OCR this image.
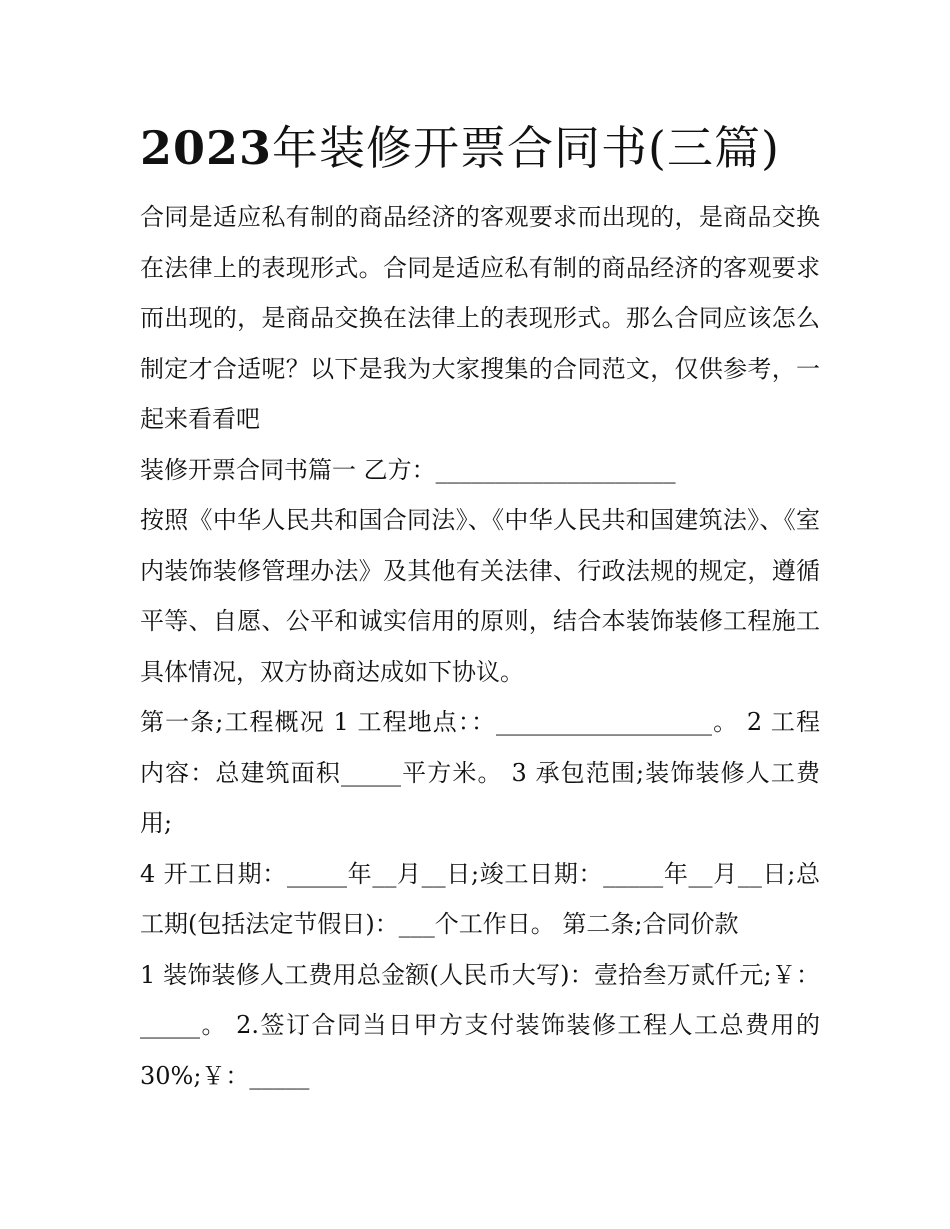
2023年装修开票合同书(三篇)

合同是适应私有制的商品经济的客观要求而出现的，是商品交换在法律上的表现形式。合同是适应私有制的商品经济的客观要求而出现的，是商品交换在法律上的表现形式。那么合同应该怎么制定才合适呢？以下是我为大家搜集的合同范文，仅供参考，一起来看看吧

装修开票合同书篇一 乙方：____________________

按照《中华人民共和国合同法》、《中华人民共和国建筑法》、《室内装饰装修管理办法》及其他有关法律、行政法规的规定，遵循平等、自愿、公平和诚实信用的原则，结合本装饰装修工程施工具体情况，双方协商达成如下协议。

第一条;工程概况 1 工程地点：：__________________。 2 工程内容：总建筑面积_____平方米。 3 承包范围;装饰装修人工费用;

4 开工日期：_____年__月__日;竣工日期：_____年__月__日;总工期(包括法定节假日)：___个工作日。 第二条;合同价款

1 装饰装修人工费用总金额(人民币大写)：壹拾叁万贰仟元;￥：_____。 2.签订合同当日甲方支付装饰装修工程人工总费用的 30%;￥：_____
